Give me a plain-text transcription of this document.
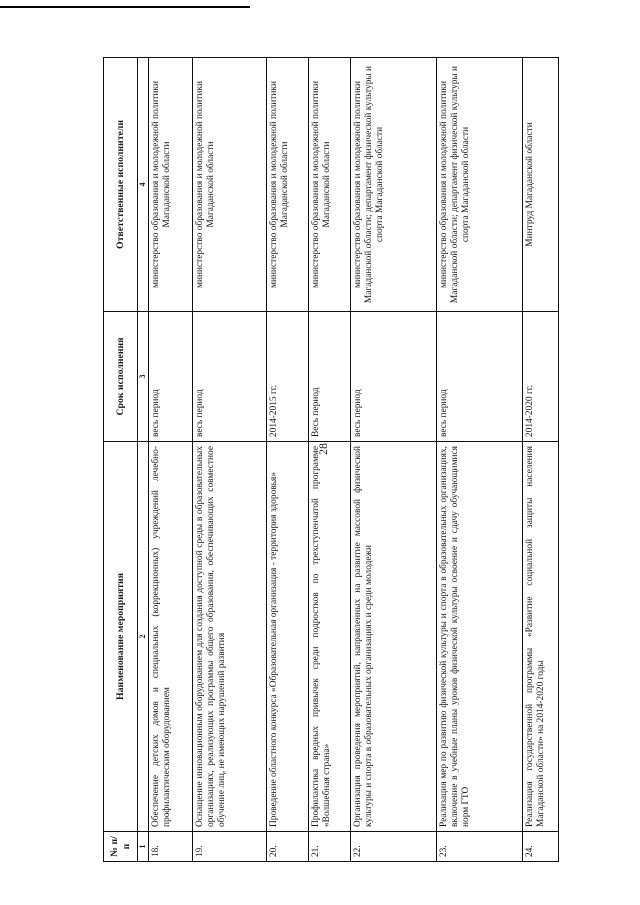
28
№ п/п	Наименование мероприятия	Срок исполнения	Ответственные исполнители
1	2	3	4
18.	Обеспечение детских домов и специальных (коррекционных) учреждений лечебно-профилактическим оборудованием	весь период	министерство образования и молодежной политики Магаданской области
19.	Оснащение инновационным оборудованием для создания доступной среды в образовательных организациях, реализующих программы общего образования, обеспечивающих совместное обучение лиц, не имеющих нарушений развития	весь период	министерство образования и молодежной политики Магаданской области
20.	Проведение областного конкурса «Образовательная организация - территория здоровья»	2014-2015 гг.	министерство образования и молодежной политики Магаданской области
21.	Профилактика вредных привычек среди подростков по трехступенчатой программе «Волшебная страна»	Весь период	министерство образования и молодежной политики Магаданской области
22.	Организация проведения мероприятий, направленных на развитие массовой физической культуры и спорта в образовательных организациях и среди молодежи	весь период	министерство образования и молодежной политики Магаданской области; департамент физической культуры и спорта Магаданской области
23.	Реализация мер по развитию физической культуры и спорта в образовательных организациях, включение в учебные планы уроков физической культуры освоение и сдачу обучающимися норм ГТО	весь период	министерство образования и молодежной политики Магаданской области; департамент физической культуры и спорта Магаданской области
24.	Реализация государственной программы «Развитие социальной защиты населения Магаданской области» на 2014-2020 годы	2014-2020 гг.	Минтруд Магаданской области
